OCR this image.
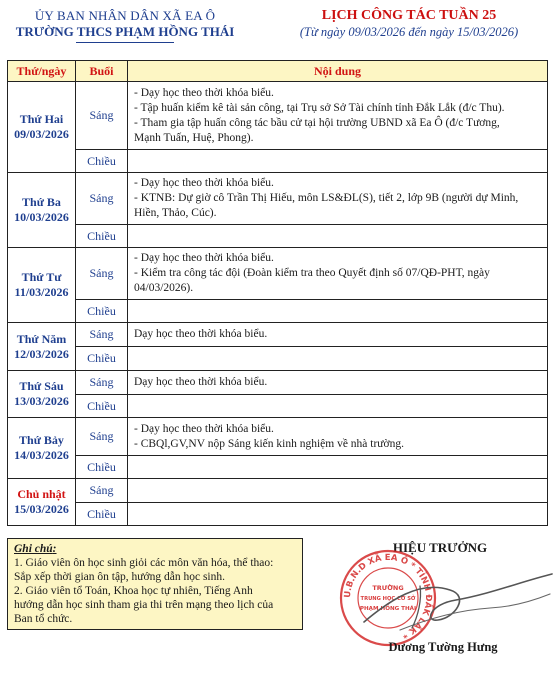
ỦY BAN NHÂN DÂN XÃ EA Ô
TRƯỜNG THCS PHẠM HỒNG THÁI
LỊCH CÔNG TÁC TUẦN 25
(Từ ngày 09/03/2026 đến ngày 15/03/2026)
Thứ/ngày	Buổi	Nội dung
Thứ Hai
09/03/2026	Sáng	- Dạy học theo thời khóa biểu.
- Tập huấn kiểm kê tài sản công, tại Trụ sở Sở Tài chính tỉnh Đắk Lắk (đ/c Thu).
- Tham gia tập huấn công tác bầu cử tại hội trường UBND xã Ea Ô (đ/c Tương,
Mạnh Tuấn, Huệ, Phong).

	Chiều	
Thứ Ba
10/03/2026	Sáng	- Dạy học theo thời khóa biểu.
- KTNB: Dự giờ cô Trần Thị Hiếu, môn LS&ĐL(S), tiết 2, lớp 9B (người dự Minh,
Hiền, Thảo, Cúc).

	Chiều	
Thứ Tư
11/03/2026	Sáng	- Dạy học theo thời khóa biểu.
- Kiểm tra công tác đội (Đoàn kiểm tra theo Quyết định số 07/QĐ-PHT, ngày
04/03/2026).

	Chiều	
Thứ Năm
12/03/2026	Sáng	Dạy học theo thời khóa biểu.

	Chiều	
Thứ Sáu
13/03/2026	Sáng	Dạy học theo thời khóa biểu.

	Chiều	
Thứ Bảy
14/03/2026	Sáng	- Dạy học theo thời khóa biểu.
- CBQl,GV,NV nộp Sáng kiến kinh nghiệm về nhà trường.

	Chiều	
Chủ nhật
15/03/2026	Sáng	
	Chiều	
Ghi chú:
1. Giáo viên ôn học sinh giỏi các môn văn hóa, thể thao:
Sắp xếp thời gian ôn tập, hướng dẫn học sinh.
2. Giáo viên tổ Toán, Khoa học tự nhiên, Tiếng Anh
hướng dẫn học sinh tham gia thi trên mạng theo lịch của
Ban tổ chức.
HIỆU TRƯỞNG
U.B.N.D XÃ EA Ô * TỈNH ĐẮK LẮK *
TRƯỜNG
TRUNG HỌC CƠ SỞ
PHẠM HỒNG THÁI
Dương Tường Hưng
